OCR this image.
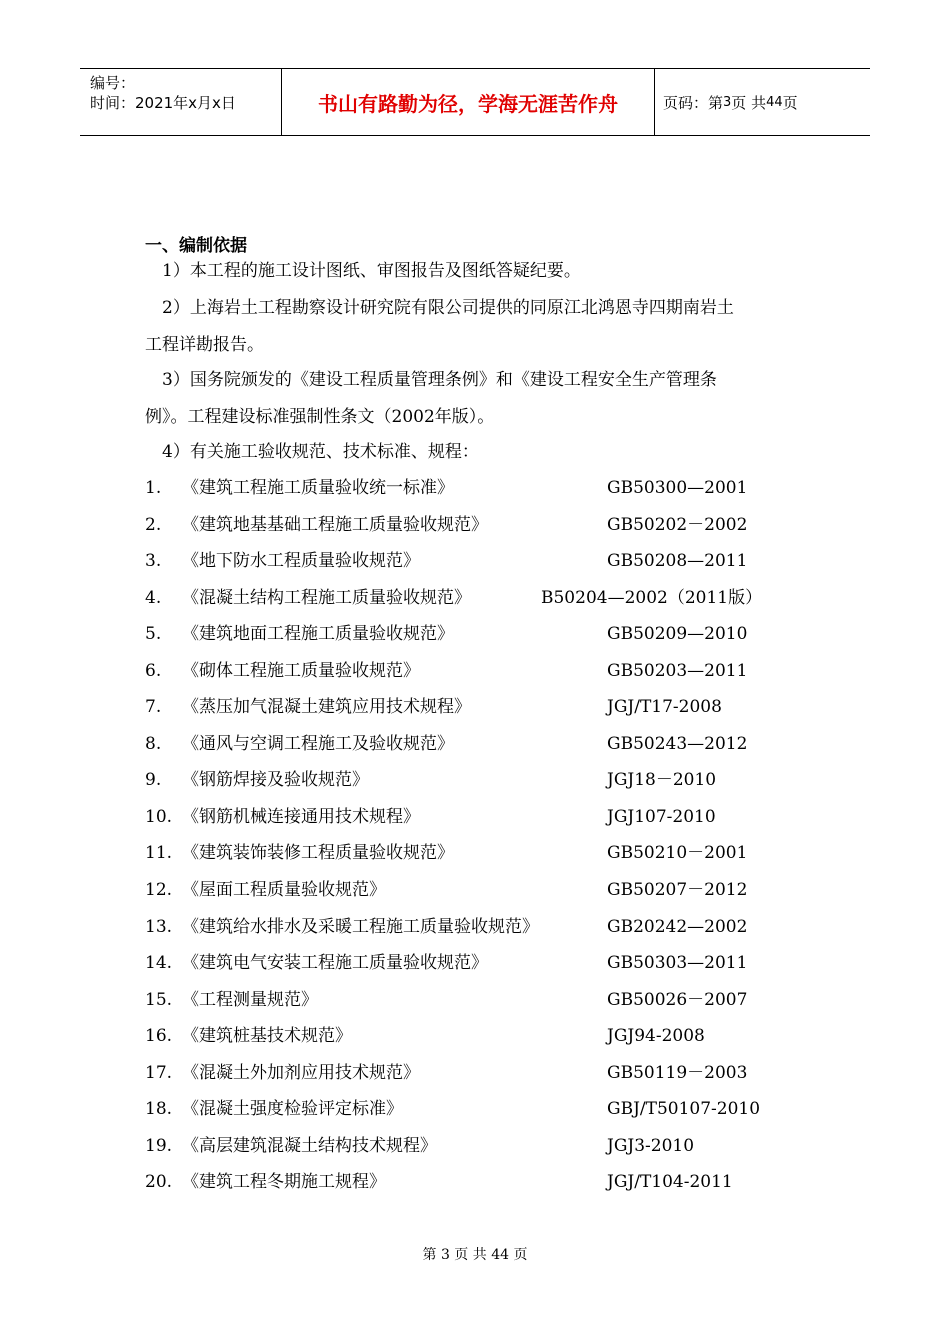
编号：
时间：2021年x月x日	书山有路勤为径，学海无涯苦作舟	页码：第 3 页 共 44 页
一、编制依据
1）本工程的施工设计图纸、审图报告及图纸答疑纪要。
2）上海岩土工程勘察设计研究院有限公司提供的同原江北鸿恩寺四期南岩土
工程详勘报告。
3）国务院颁发的《建设工程质量管理条例》和《建设工程安全生产管理条
例》。工程建设标准强制性条文（2002年版）。
4）有关施工验收规范、技术标准、规程：
1. 《建筑工程施工质量验收统一标准》	GB50300—2001
2. 《建筑地基基础工程施工质量验收规范》	GB50202－2002
3. 《地下防水工程质量验收规范》	GB50208—2011
4. 《混凝土结构工程施工质量验收规范》	B50204—2002（2011版）
5. 《建筑地面工程施工质量验收规范》	GB50209—2010
6. 《砌体工程施工质量验收规范》	GB50203—2011
7. 《蒸压加气混凝土建筑应用技术规程》	JGJ/T17-2008
8. 《通风与空调工程施工及验收规范》	GB50243—2012
9. 《钢筋焊接及验收规范》	JGJ18－2010
10. 《钢筋机械连接通用技术规程》	JGJ107-2010
11. 《建筑装饰装修工程质量验收规范》	GB50210－2001
12. 《屋面工程质量验收规范》	GB50207－2012
13. 《建筑给水排水及采暖工程施工质量验收规范》	GB20242—2002
14. 《建筑电气安装工程施工质量验收规范》	GB50303—2011
15. 《工程测量规范》	GB50026－2007
16. 《建筑桩基技术规范》	JGJ94-2008
17. 《混凝土外加剂应用技术规范》	GB50119－2003
18. 《混凝土强度检验评定标准》	GBJ/T50107-2010
19. 《高层建筑混凝土结构技术规程》	JGJ3-2010
20. 《建筑工程冬期施工规程》	JGJ/T104-2011
第 3 页 共 44 页
